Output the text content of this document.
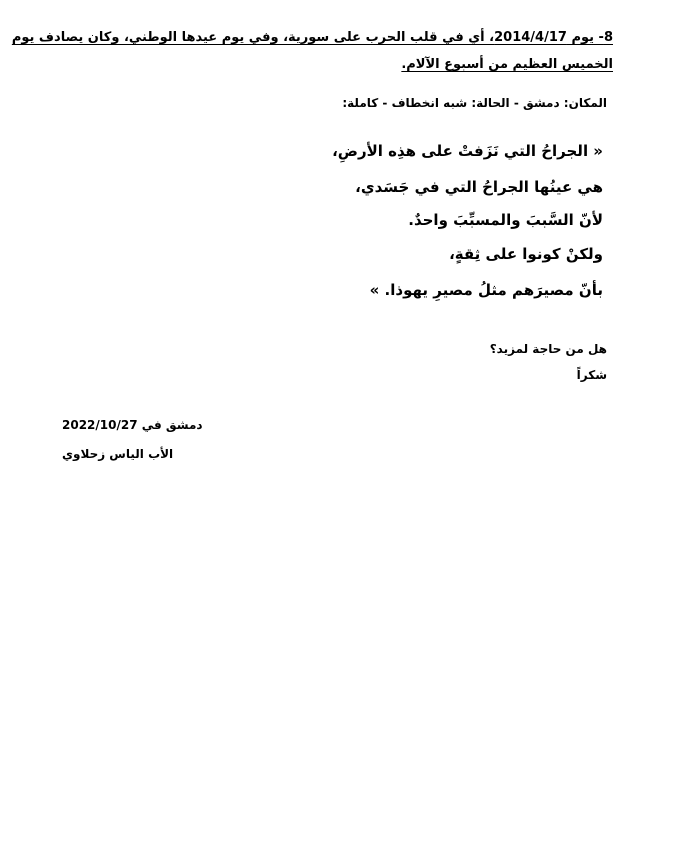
8- يوم 2014/4/17، أي في قلب الحرب على سورية، وفي يوم عيدها الوطني، وكان يصادف يوم
الخميس العظيم من أسبوع الآلام.
المكان: دمشق - الحالة: شبه انخطاف - كاملة:
« الجراحُ التي نَزَفتْ على هذِه الأرضِ،
هي عينُها الجراحُ التي في جَسَدي،
لأنّ السَّببَ والمسبِّبَ واحدٌ.
ولكنْ كونوا على ثِقةٍ،
بأنّ مصيرَهم مثلُ مصيرِ يهوذا. »
هل من حاجة لمزيد؟
شكراً
دمشق في 2022/10/27
الأب الياس زحلاوي
